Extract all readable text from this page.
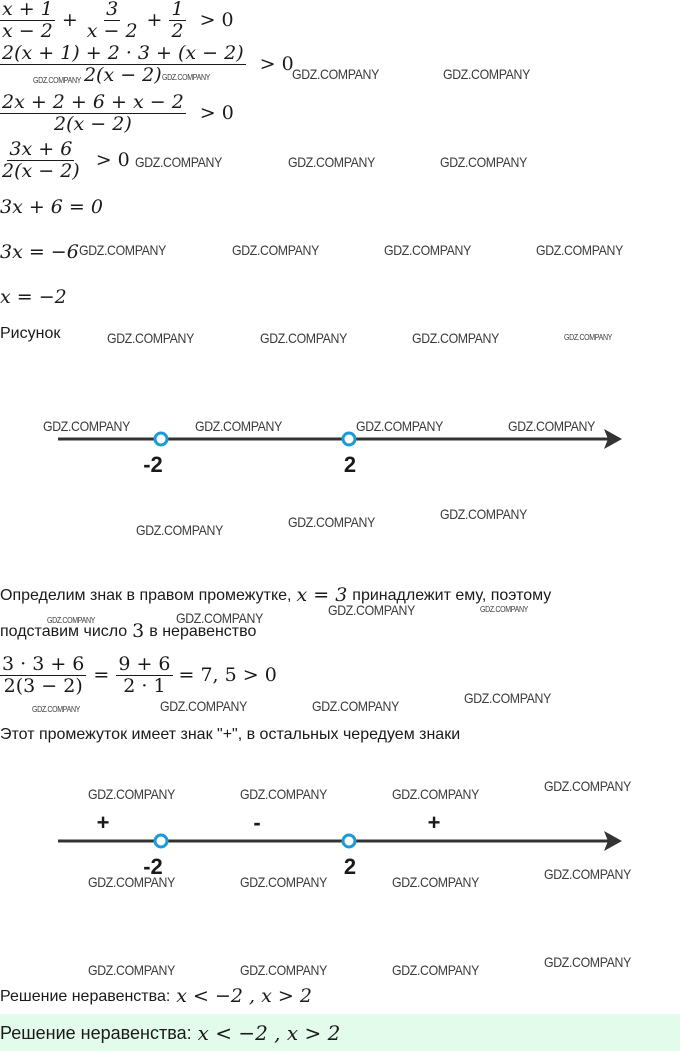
$\frac{x + 1}{x - 2} + \frac{3}{x - 2} + \frac{1}{2} > 0$
$\frac{2(x + 1) + 2 \cdot 3 + (x - 2)}{2(x - 2)} > 0$
$\frac{2x + 2 + 6 + x - 2}{2(x - 2)} > 0$
$\frac{3x + 6}{2(x - 2)} > 0$
3x + 6 = 0
3x = −6
x = −2
Рисунок
-2	2
Определим знак в правом промежутке, x = 3 принадлежит ему, поэтому
подставим число 3 в неравенство
$\frac{3 \cdot 3 + 6}{2(3 - 2)} = \frac{9 + 6}{2 \cdot 1} = 7$, 5 > 0
Этот промежуток имеет знак "+", в остальных чередуем знаки
+	-	+
-2	2
Решение неравенства: x < −2 , x > 2
Решение неравенства: x < −2 , x > 2
GDZ.COMPANY	GDZ.COMPANY	GDZ.COMPANY	GDZ.COMPANY
GDZ.COMPANY	GDZ.COMPANY	GDZ.COMPANY
GDZ.COMPANY	GDZ.COMPANY	GDZ.COMPANY	GDZ.COMPANY
GDZ.COMPANY	GDZ.COMPANY	GDZ.COMPANY	GDZ.COMPANY
GDZ.COMPANY	GDZ.COMPANY	GDZ.COMPANY	GDZ.COMPANY
GDZ.COMPANY	GDZ.COMPANY	GDZ.COMPANY
GDZ.COMPANY	GDZ.COMPANY	GDZ.COMPANY	GDZ.COMPANY
GDZ.COMPANY	GDZ.COMPANY	GDZ.COMPANY	GDZ.COMPANY
GDZ.COMPANY	GDZ.COMPANY	GDZ.COMPANY	GDZ.COMPANY
GDZ.COMPANY	GDZ.COMPANY	GDZ.COMPANY	GDZ.COMPANY
GDZ.COMPANY	GDZ.COMPANY	GDZ.COMPANY	GDZ.COMPANY
